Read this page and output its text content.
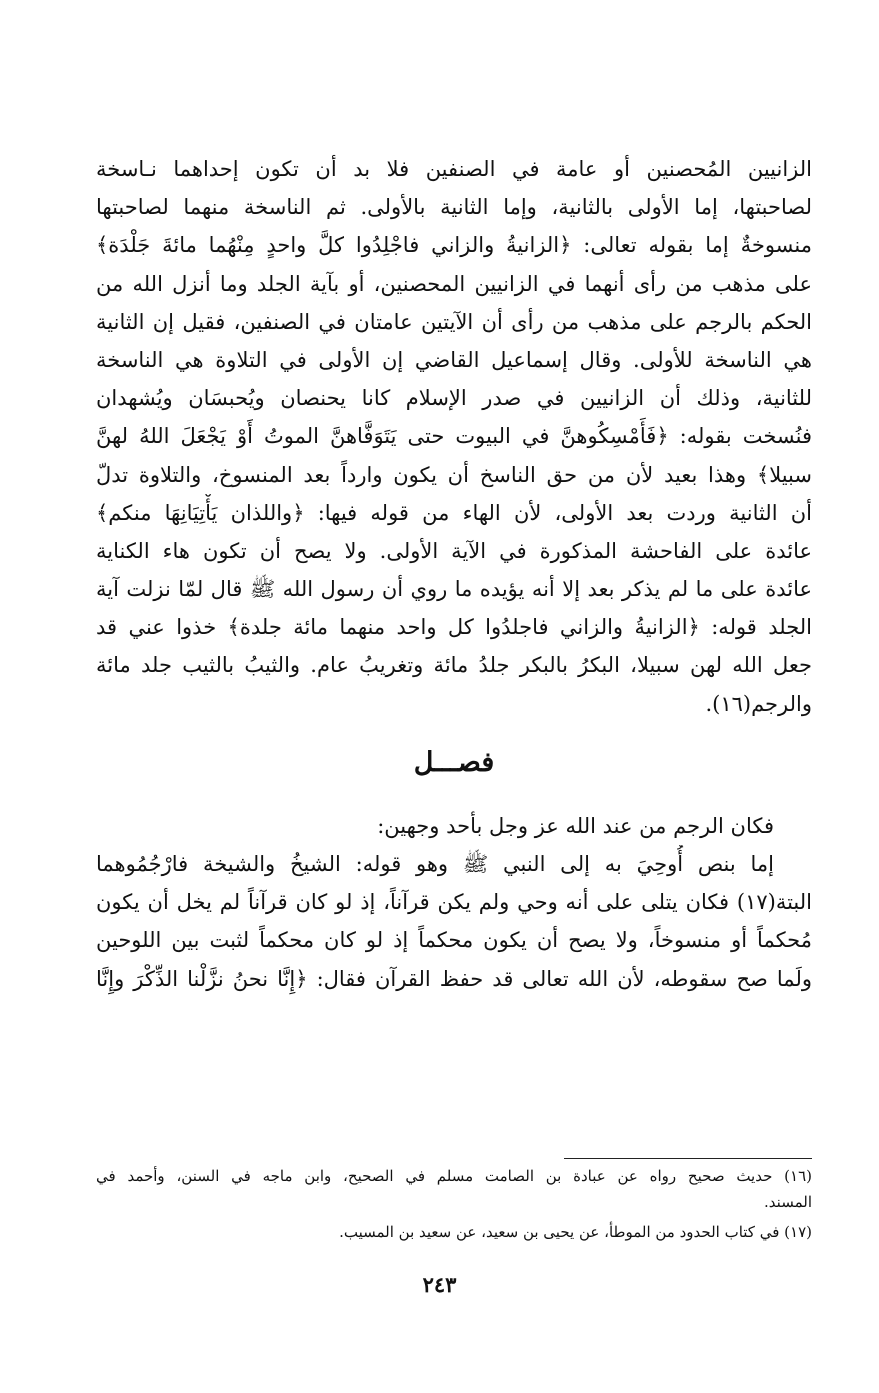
الزانيين المُحصنين أو عامة في الصنفين فلا بد أن تكون إحداهما نـاسخة
لصاحبتها، إما الأولى بالثانية، وإما الثانية بالأولى. ثم الناسخة منهما لصاحبتها
منسوخةٌ إما بقوله تعالى: ﴿الزانيةُ والزاني فاجْلِدُوا كلَّ واحدٍ مِنْهُما مائةَ جَلْدَة﴾
على مذهب من رأى أنهما في الزانيين المحصنين، أو بآية الجلد وما أنزل الله من
الحكم بالرجم على مذهب من رأى أن الآيتين عامتان في الصنفين، فقيل إن الثانية
هي الناسخة للأولى. وقال إسماعيل القاضي إن الأولى في التلاوة هي الناسخة
للثانية، وذلك أن الزانيين في صدر الإسلام كانا يحنصان ويُحبسَان ويُشهدان
فنُسخت بقوله: ﴿فَأَمْسِكُوهنَّ في البيوت حتى يَتَوَفَّاهنَّ الموتُ أَوْ يَجْعَلَ اللهُ لهنَّ
سبيلا﴾ وهذا بعيد لأن من حق الناسخ أن يكون وارداً بعد المنسوخ، والتلاوة تدلّ
أن الثانية وردت بعد الأولى، لأن الهاء من قوله فيها: ﴿واللذان يَأْتِيَانِهَا منكم﴾
عائدة على الفاحشة المذكورة في الآية الأولى. ولا يصح أن تكون هاء الكناية
عائدة على ما لم يذكر بعد إلا أنه يؤيده ما روي أن رسول الله ﷺ قال لمّا نزلت آية
الجلد قوله: ﴿الزانيةُ والزاني فاجلدُوا كل واحد منهما مائة جلدة﴾ خذوا عني قد
جعل الله لهن سبيلا، البكرُ بالبكر جلدُ مائة وتغريبُ عام. والثيبُ بالثيب جلد مائة
والرجم(١٦).
فصـــل
فكان الرجم من عند الله عز وجل بأحد وجهين:
إما بنص أُوحِيَ به إلى النبي ﷺ وهو قوله: الشيخُ والشيخة فارْجُمُوهما
البتة(١٧) فكان يتلى على أنه وحي ولم يكن قرآناً، إذ لو كان قرآناً لم يخل أن يكون
مُحكماً أو منسوخاً، ولا يصح أن يكون محكماً إذ لو كان محكماً لثبت بين اللوحين
ولَما صح سقوطه، لأن الله تعالى قد حفظ القرآن فقال: ﴿إِنَّا نحنُ نزَّلْنا الذِّكْرَ وإِنَّا
(١٦) حديث صحيح رواه عن عبادة بن الصامت مسلم في الصحيح، وابن ماجه في السنن، وأحمد في
المسند.
(١٧) في كتاب الحدود من الموطأ، عن يحيى بن سعيد، عن سعيد بن المسيب.
٢٤٣
